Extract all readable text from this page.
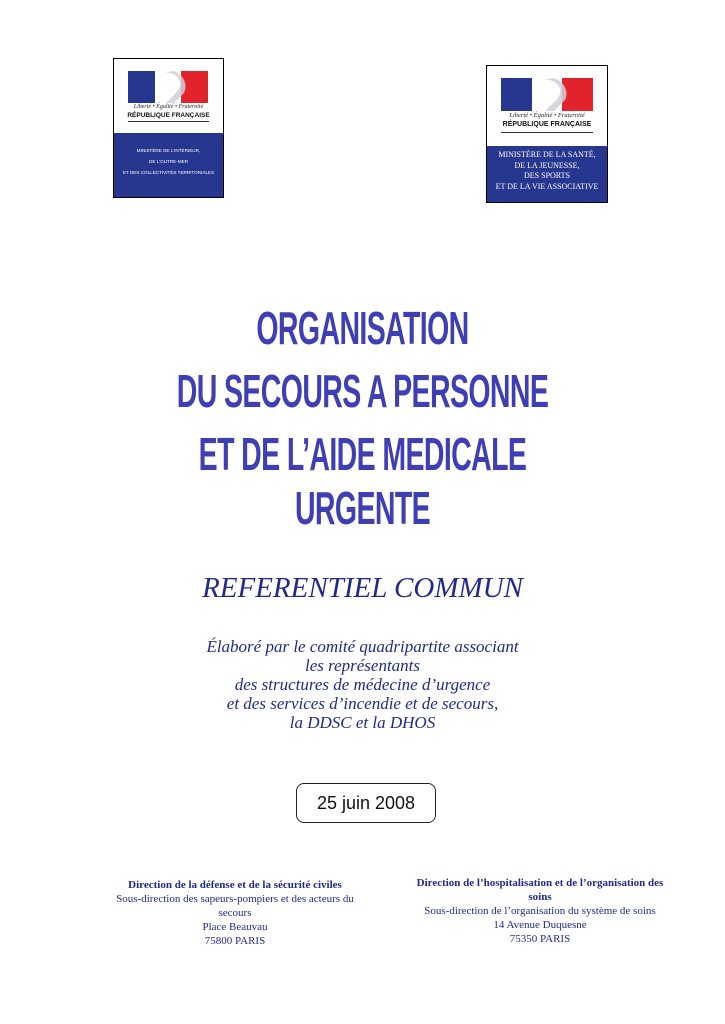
Liberté • Égalité • Fraternité
RÉPUBLIQUE FRANÇAISE
MINISTÈRE DE L'INTÉRIEUR,
DE L'OUTRE-MER
ET DES COLLECTIVITÉS TERRITORIALES
Liberté • Égalité • Fraternité
RÉPUBLIQUE FRANÇAISE
MINISTÈRE DE LA SANTÉ,
DE LA JEUNESSE,
DES SPORTS
ET DE LA VIE ASSOCIATIVE
ORGANISATION
DU SECOURS A PERSONNE
ET DE L’AIDE MEDICALE URGENTE
REFERENTIEL COMMUN
Élaboré par le comité quadripartite associant
les représentants
des structures de médecine d’urgence
et des services d’incendie et de secours,
la DDSC et la DHOS
25 juin 2008
Direction de la défense et de la sécurité civiles
Sous-direction des sapeurs-pompiers et des acteurs du secours
Place Beauvau
75800 PARIS
Direction de l’hospitalisation et de l’organisation des soins
Sous-direction de l’organisation du système de soins
14 Avenue Duquesne
75350 PARIS
